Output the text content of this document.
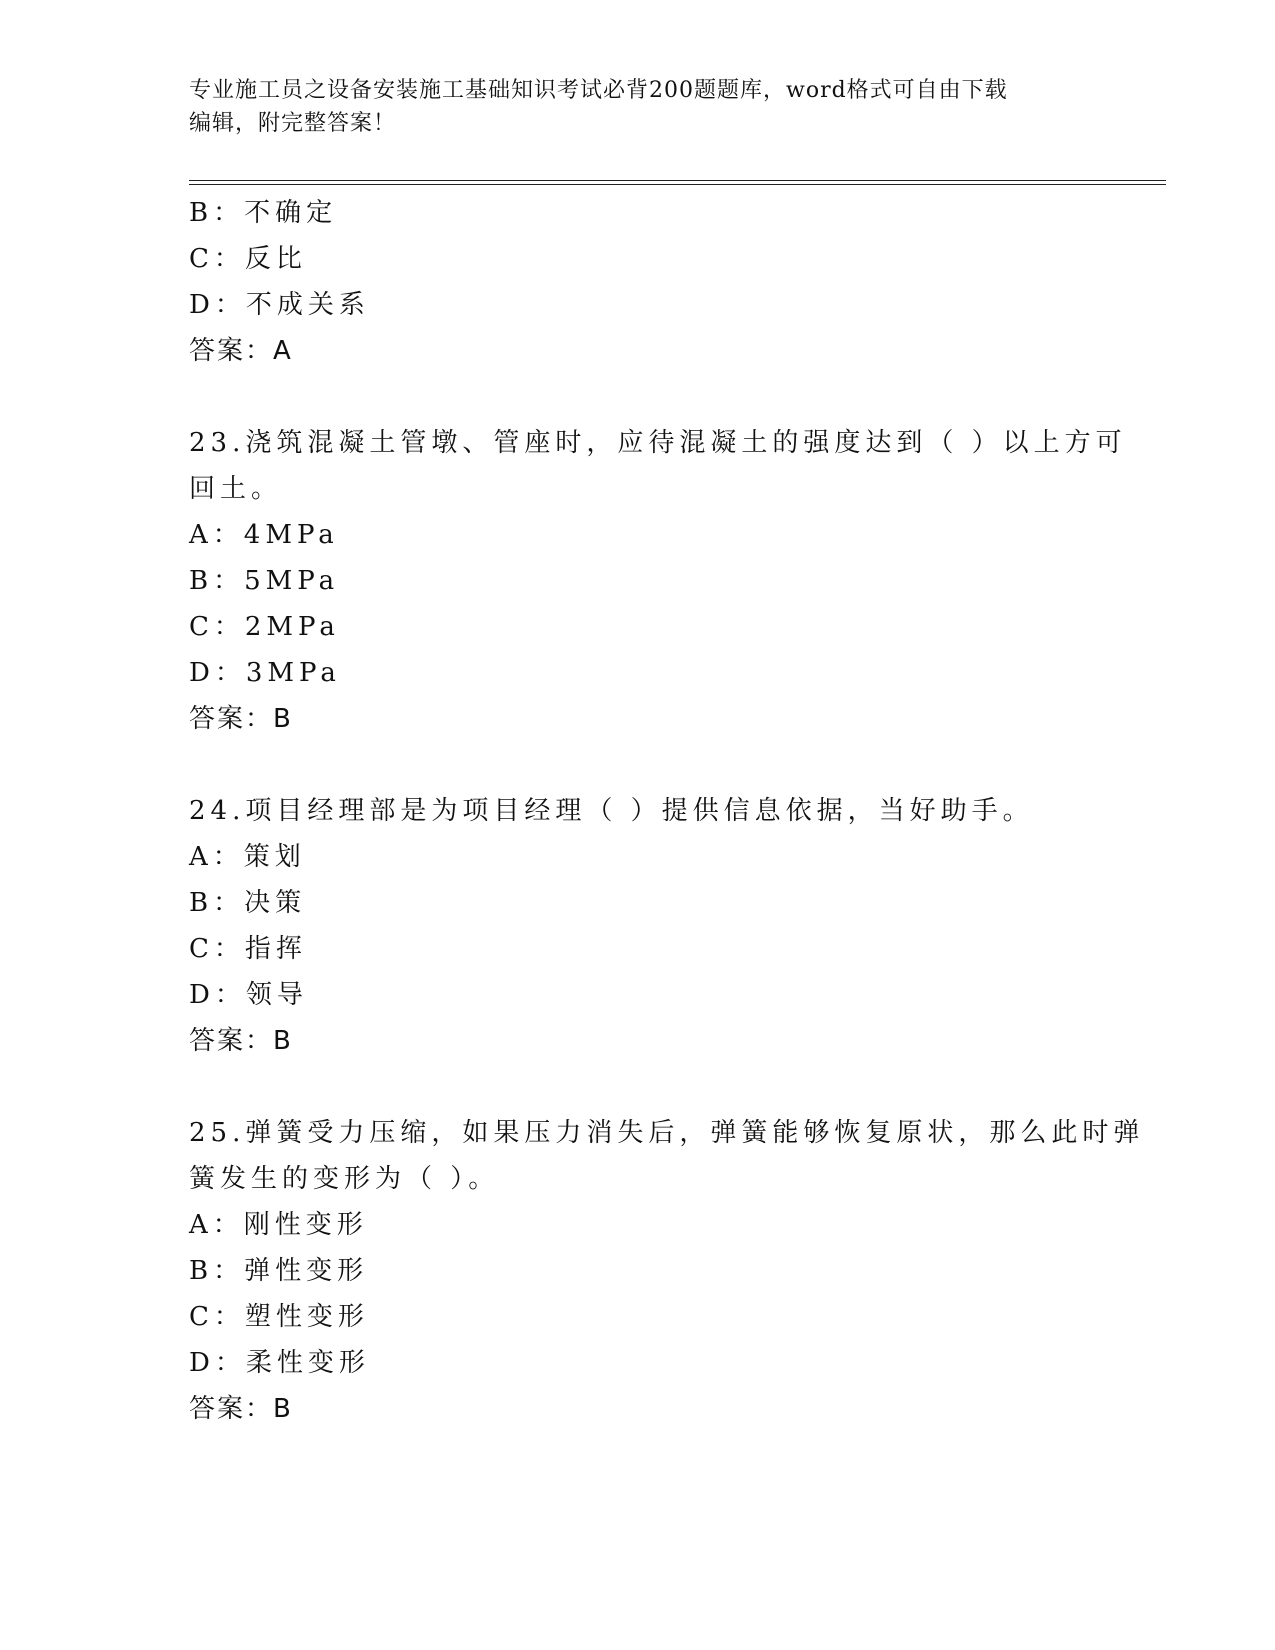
专业施工员之设备安装施工基础知识考试必背200题题库，word格式可自由下载
编辑，附完整答案！
B：不确定
C：反比
D：不成关系
答案：A
23.浇筑混凝土管墩、管座时，应待混凝土的强度达到（ ）以上方可
回土。
A：4MPa
B：5MPa
C：2MPa
D：3MPa
答案：B
24.项目经理部是为项目经理（ ）提供信息依据，当好助手。
A：策划
B：决策
C：指挥
D：领导
答案：B
25.弹簧受力压缩，如果压力消失后，弹簧能够恢复原状，那么此时弹
簧发生的变形为（ ）。
A：刚性变形
B：弹性变形
C：塑性变形
D：柔性变形
答案：B
